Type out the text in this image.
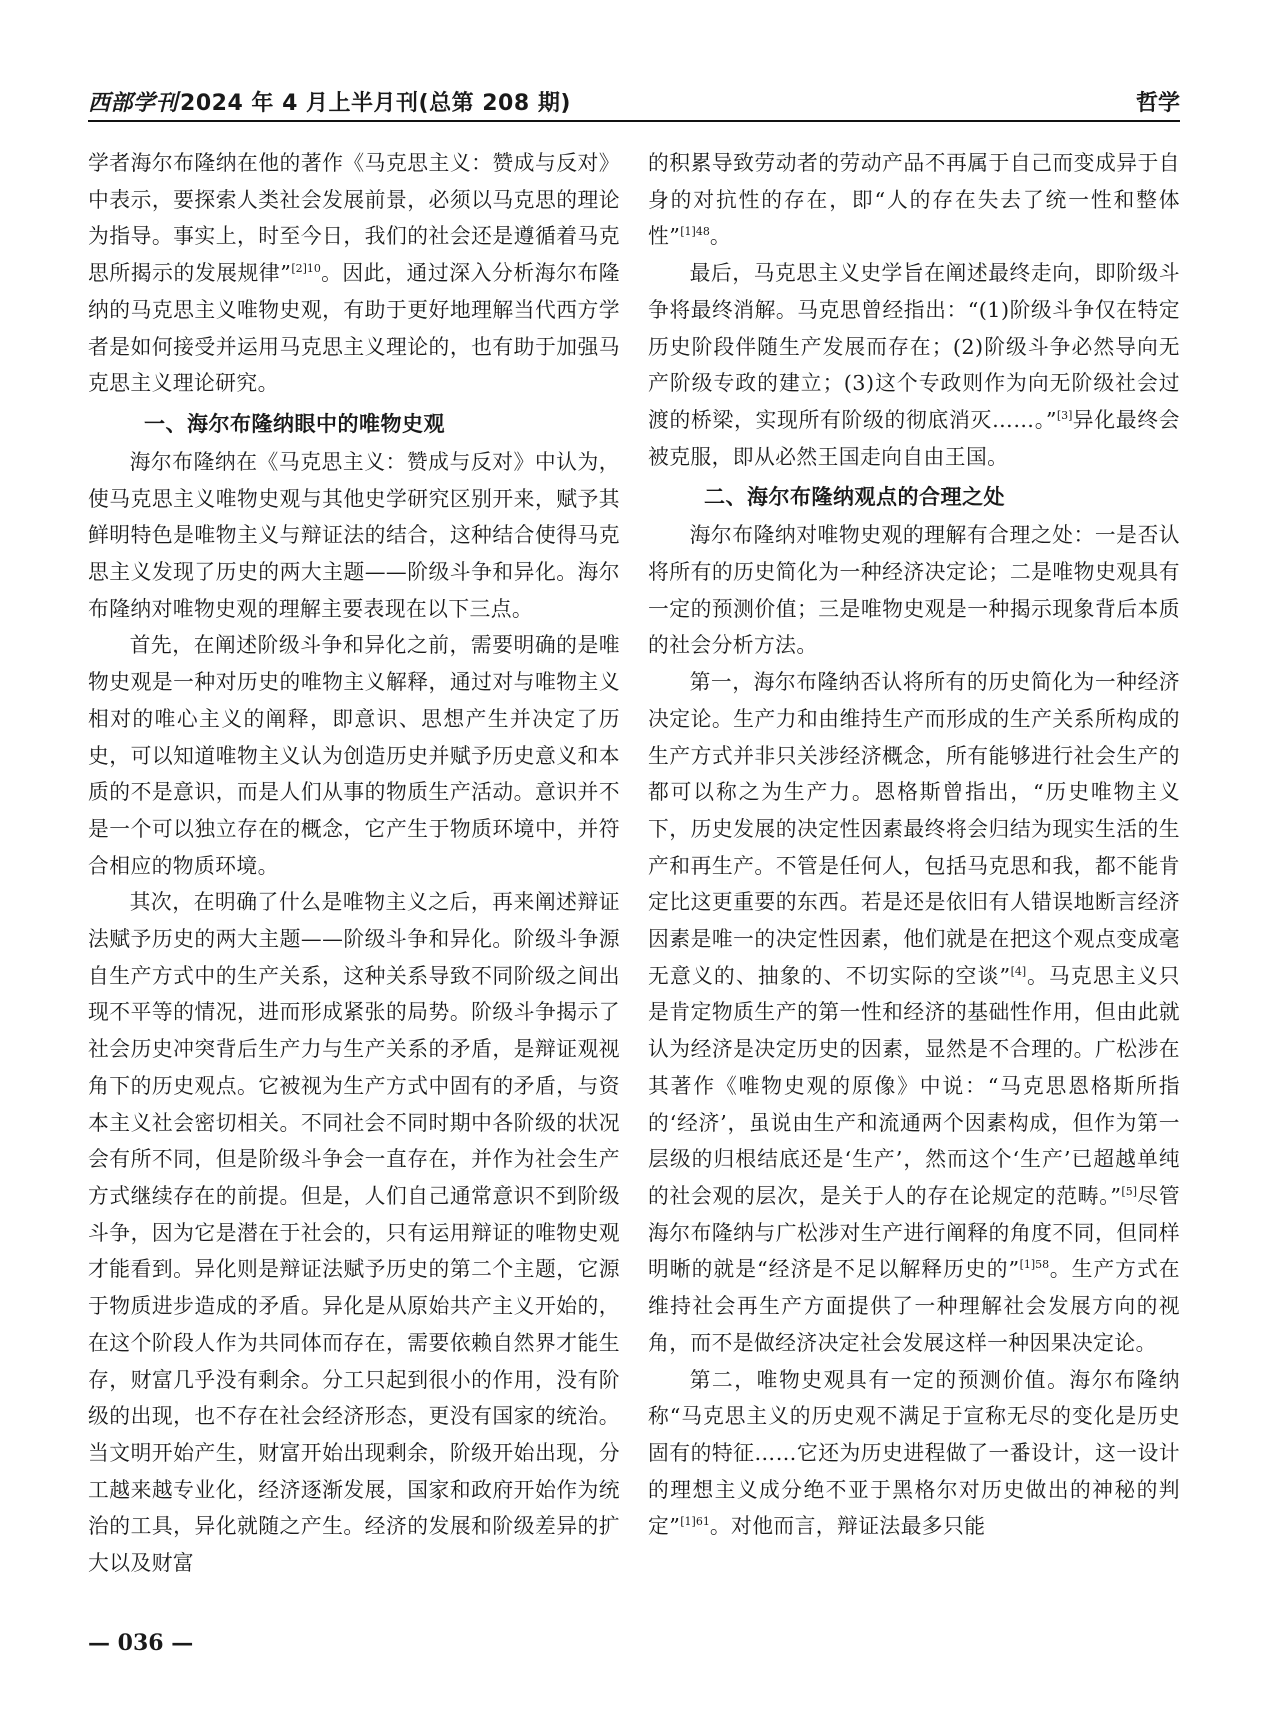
西部学刊2024 年 4 月上半月刊(总第 208 期)	哲学

学者海尔布隆纳在他的著作《马克思主义：赞成与反对》中表示，要探索人类社会发展前景，必须以马克思的理论为指导。事实上，时至今日，我们的社会还是遵循着马克思所揭示的发展规律”$^{[2]10}$。因此，通过深入分析海尔布隆纳的马克思主义唯物史观，有助于更好地理解当代西方学者是如何接受并运用马克思主义理论的，也有助于加强马克思主义理论研究。

一、海尔布隆纳眼中的唯物史观

海尔布隆纳在《马克思主义：赞成与反对》中认为，使马克思主义唯物史观与其他史学研究区别开来，赋予其鲜明特色是唯物主义与辩证法的结合，这种结合使得马克思主义发现了历史的两大主题——阶级斗争和异化。海尔布隆纳对唯物史观的理解主要表现在以下三点。

首先，在阐述阶级斗争和异化之前，需要明确的是唯物史观是一种对历史的唯物主义解释，通过对与唯物主义相对的唯心主义的阐释，即意识、思想产生并决定了历史，可以知道唯物主义认为创造历史并赋予历史意义和本质的不是意识，而是人们从事的物质生产活动。意识并不是一个可以独立存在的概念，它产生于物质环境中，并符合相应的物质环境。

其次，在明确了什么是唯物主义之后，再来阐述辩证法赋予历史的两大主题——阶级斗争和异化。阶级斗争源自生产方式中的生产关系，这种关系导致不同阶级之间出现不平等的情况，进而形成紧张的局势。阶级斗争揭示了社会历史冲突背后生产力与生产关系的矛盾，是辩证观视角下的历史观点。它被视为生产方式中固有的矛盾，与资本主义社会密切相关。不同社会不同时期中各阶级的状况会有所不同，但是阶级斗争会一直存在，并作为社会生产方式继续存在的前提。但是，人们自己通常意识不到阶级斗争，因为它是潜在于社会的，只有运用辩证的唯物史观才能看到。异化则是辩证法赋予历史的第二个主题，它源于物质进步造成的矛盾。异化是从原始共产主义开始的，在这个阶段人作为共同体而存在，需要依赖自然界才能生存，财富几乎没有剩余。分工只起到很小的作用，没有阶级的出现，也不存在社会经济形态，更没有国家的统治。当文明开始产生，财富开始出现剩余，阶级开始出现，分工越来越专业化，经济逐渐发展，国家和政府开始作为统治的工具，异化就随之产生。经济的发展和阶级差异的扩大以及财富

的积累导致劳动者的劳动产品不再属于自己而变成异于自身的对抗性的存在，即“人的存在失去了统一性和整体性”$^{[1]48}$。

最后，马克思主义史学旨在阐述最终走向，即阶级斗争将最终消解。马克思曾经指出：“(1)阶级斗争仅在特定历史阶段伴随生产发展而存在；(2)阶级斗争必然导向无产阶级专政的建立；(3)这个专政则作为向无阶级社会过渡的桥梁，实现所有阶级的彻底消灭……。”[3]异化最终会被克服，即从必然王国走向自由王国。

二、海尔布隆纳观点的合理之处

海尔布隆纳对唯物史观的理解有合理之处：一是否认将所有的历史简化为一种经济决定论；二是唯物史观具有一定的预测价值；三是唯物史观是一种揭示现象背后本质的社会分析方法。

第一，海尔布隆纳否认将所有的历史简化为一种经济决定论。生产力和由维持生产而形成的生产关系所构成的生产方式并非只关涉经济概念，所有能够进行社会生产的都可以称之为生产力。恩格斯曾指出，“历史唯物主义下，历史发展的决定性因素最终将会归结为现实生活的生产和再生产。不管是任何人，包括马克思和我，都不能肯定比这更重要的东西。若是还是依旧有人错误地断言经济因素是唯一的决定性因素，他们就是在把这个观点变成毫无意义的、抽象的、不切实际的空谈”[4]。马克思主义只是肯定物质生产的第一性和经济的基础性作用，但由此就认为经济是决定历史的因素，显然是不合理的。广松涉在其著作《唯物史观的原像》中说：“马克思恩格斯所指的‘经济’，虽说由生产和流通两个因素构成，但作为第一层级的归根结底还是‘生产’，然而这个‘生产’已超越单纯的社会观的层次，是关于人的存在论规定的范畴。”[5]尽管海尔布隆纳与广松涉对生产进行阐释的角度不同，但同样明晰的就是“经济是不足以解释历史的”$^{[1]58}$。生产方式在维持社会再生产方面提供了一种理解社会发展方向的视角，而不是做经济决定社会发展这样一种因果决定论。

第二，唯物史观具有一定的预测价值。海尔布隆纳称“马克思主义的历史观不满足于宣称无尽的变化是历史固有的特征……它还为历史进程做了一番设计，这一设计的理想主义成分绝不亚于黑格尔对历史做出的神秘的判定”$^{[1]61}$。对他而言，辩证法最多只能

— 036 —
